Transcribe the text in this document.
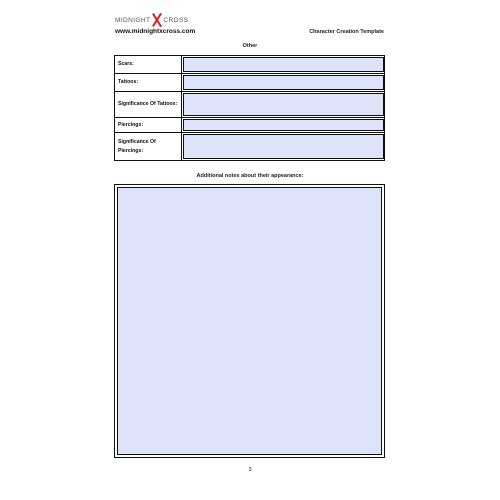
MIDNIGHT CROSS
www.midnightxcross.com	Character Creation Template
Other
Scars:
Tattoos:
Significance Of Tattoos:
Piercings:
Significance Of Piercings:
Additional notes about their appearance:
3
